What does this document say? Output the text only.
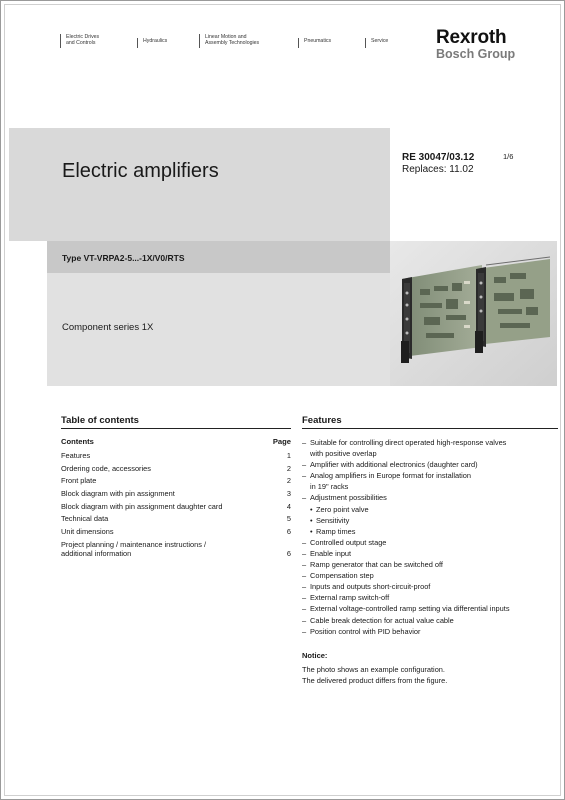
Electric Drives
and Controls	Hydraulics
Linear Motion and
Assembly Technologies	Pneumatics	Service	Rexroth
Bosch Group
Electric amplifiers
RE 30047/03.12	1/6
Replaces: 11.02
Type VT-VRPA2-5...-1X/V0/RTS
Component series 1X
Table of contents
Contents	Page
Features	1
Ordering code, accessories	2
Front plate	2
Block diagram with pin assignment	3
Block diagram with pin assignment daughter card	4
Technical data	5
Unit dimensions	6
Project planning / maintenance instructions /
additional information	6
Features
– Suitable for controlling direct operated high-response valves
with positive overlap
– Amplifier with additional electronics (daughter card)
– Analog amplifiers in Europe format for installation
in 19" racks
– Adjustment possibilities
• Zero point valve
• Sensitivity
• Ramp times
– Controlled output stage
– Enable input
– Ramp generator that can be switched off
– Compensation step
– Inputs and outputs short-circuit-proof
– External ramp switch-off
– External voltage-controlled ramp setting via differential inputs
– Cable break detection for actual value cable
– Position control with PID behavior
Notice:
The photo shows an example configuration.
The delivered product differs from the figure.
